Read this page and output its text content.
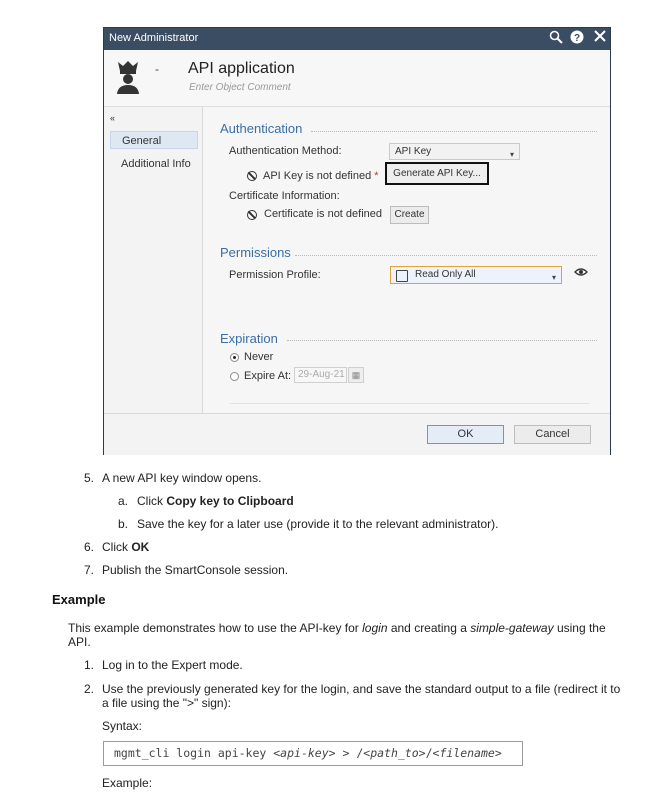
New Administrator	?
- API application
Enter Object Comment
«
General
Additional Info
Authentication
Authentication Method:	API Key	▾
API Key is not defined *	Generate API Key...
Certificate Information:
Certificate is not defined	Create
Permissions
Permission Profile:	Read Only All	▾
Expiration
Never
Expire At: 29-Aug-21 ▦
OK	Cancel
5. A new API key window opens.
a. Click Copy key to Clipboard
b. Save the key for a later use (provide it to the relevant administrator).
6. Click OK
7. Publish the SmartConsole session.
Example
This example demonstrates how to use the API-key for login and creating a simple-gateway using the
API.
1. Log in to the Expert mode.
2. Use the previously generated key for the login, and save the standard output to a file (redirect it to
a file using the ">" sign):
Syntax:
mgmt_cli login api-key <api-key> > /<path_to>/<filename>
Example:
